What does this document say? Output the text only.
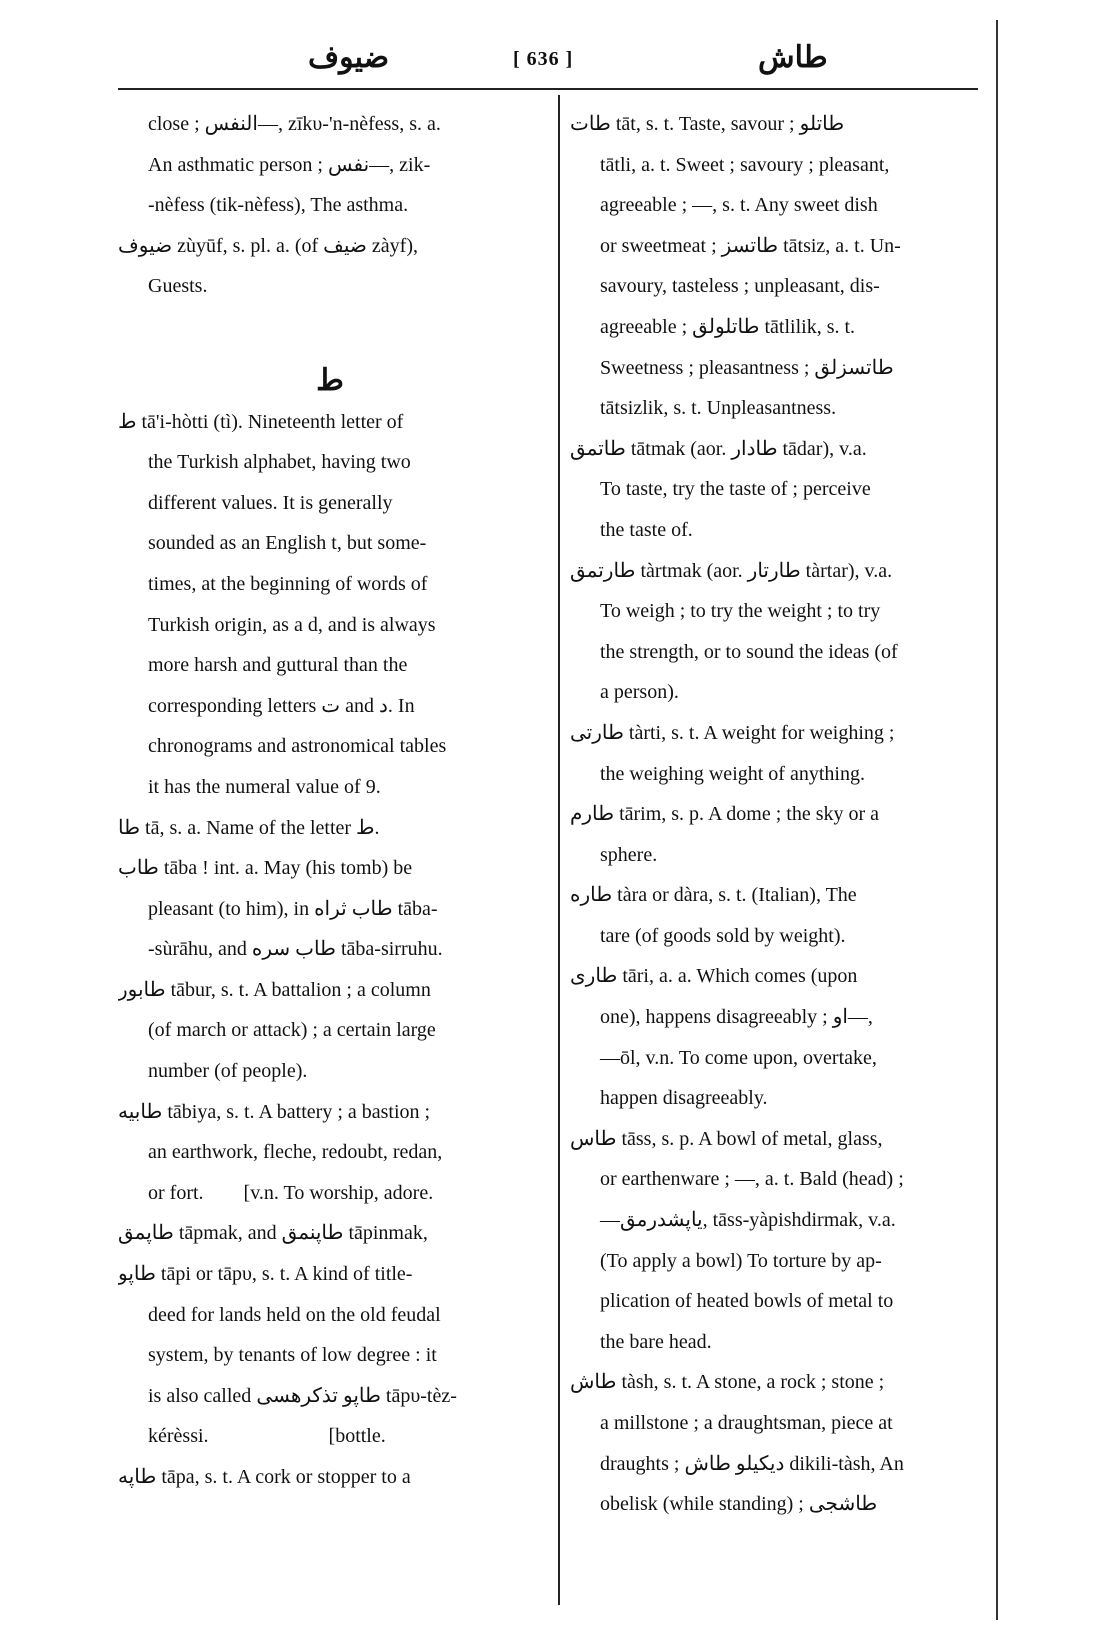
ضیوف	[ 636 ]	طاش
close ; النفس—, zīkυ-'n-nèfess, s. a.
An asthmatic person ; نفس—, zik-
-nèfess (tik-nèfess), The asthma.
ضیوف zùyūf, s. pl. a. (of ضیف zàyf),
Guests.
ط
ط tā'i-hòtti (tì). Nineteenth letter of
the Turkish alphabet, having two
different values. It is generally
sounded as an English t, but some-
times, at the beginning of words of
Turkish origin, as a d, and is always
more harsh and guttural than the
corresponding letters ت and د. In
chronograms and astronomical tables
it has the numeral value of 9.
طا tā, s. a. Name of the letter ط.
طاب tāba ! int. a. May (his tomb) be
pleasant (to him), in طاب ثراه tāba-
-sùrāhu, and طاب سره tāba-sirruhu.
طابور tābur, s. t. A battalion ; a column
(of march or attack) ; a certain large
number (of people).
طابیه tābiya, s. t. A battery ; a bastion ;
an earthwork, fleche, redoubt, redan,
or fort.        [v.n. To worship, adore.
طاپمق tāpmak, and طاپنمق tāpinmak,
طاپو tāpi or tāpυ, s. t. A kind of title-
deed for lands held on the old feudal
system, by tenants of low degree : it
is also called طاپو تذکرهسی tāpυ-tèz-
kérèssi.                        [bottle.
طاپه tāpa, s. t. A cork or stopper to a
طات tāt, s. t. Taste, savour ; طاتلو
tātli, a. t. Sweet ; savoury ; pleasant,
agreeable ; —, s. t. Any sweet dish
or sweetmeat ; طاتسز tātsiz, a. t. Un-
savoury, tasteless ; unpleasant, dis-
agreeable ; طاتلولق tātlilik, s. t.
Sweetness ; pleasantness ; طاتسزلق
tātsizlik, s. t. Unpleasantness.
طاتمق tātmak (aor. طادار tādar), v.a.
To taste, try the taste of ; perceive
the taste of.
طارتمق tàrtmak (aor. طارتار tàrtar), v.a.
To weigh ; to try the weight ; to try
the strength, or to sound the ideas (of
a person).
طارتی tàrti, s. t. A weight for weighing ;
the weighing weight of anything.
طارم tārim, s. p. A dome ; the sky or a
sphere.
طاره tàra or dàra, s. t. (Italian), The
tare (of goods sold by weight).
طاری tāri, a. a. Which comes (upon
one), happens disagreeably ; او—,
—ōl, v.n. To come upon, overtake,
happen disagreeably.
طاس tāss, s. p. A bowl of metal, glass,
or earthenware ; —, a. t. Bald (head) ;
—یاپشدرمق, tāss-yàpishdirmak, v.a.
(To apply a bowl) To torture by ap-
plication of heated bowls of metal to
the bare head.
طاش tàsh, s. t. A stone, a rock ; stone ;
a millstone ; a draughtsman, piece at
draughts ; دیکیلو طاش dikili-tàsh, An
obelisk (while standing) ; طاشجی
